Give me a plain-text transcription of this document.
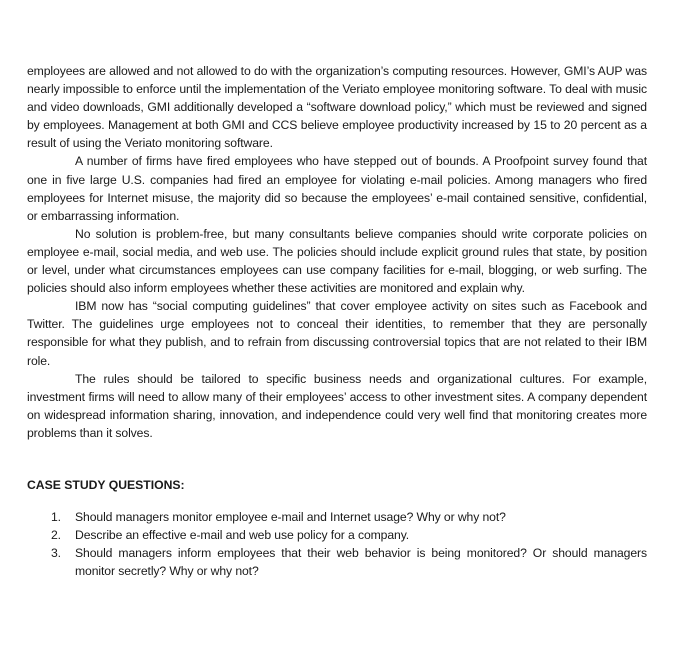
employees are allowed and not allowed to do with the organization’s computing resources. However, GMI’s AUP was nearly impossible to enforce until the implementation of the Veriato employee monitoring software. To deal with music and video downloads, GMI additionally developed a “software download policy,” which must be reviewed and signed by employees. Management at both GMI and CCS believe employee productivity increased by 15 to 20 percent as a result of using the Veriato monitoring software.

A number of firms have fired employees who have stepped out of bounds. A Proofpoint survey found that one in five large U.S. companies had fired an employee for violating e-mail policies. Among managers who fired employees for Internet misuse, the majority did so because the employees’ e-mail contained sensitive, confidential, or embarrassing information.

No solution is problem-free, but many consultants believe companies should write corporate policies on employee e-mail, social media, and web use. The policies should include explicit ground rules that state, by position or level, under what circumstances employees can use company facilities for e-mail, blogging, or web surfing. The policies should also inform employees whether these activities are monitored and explain why.

IBM now has “social computing guidelines” that cover employee activity on sites such as Facebook and Twitter. The guidelines urge employees not to conceal their identities, to remember that they are personally responsible for what they publish, and to refrain from discussing controversial topics that are not related to their IBM role.

The rules should be tailored to specific business needs and organizational cultures. For example, investment firms will need to allow many of their employees’ access to other investment sites. A company dependent on widespread information sharing, innovation, and independence could very well find that monitoring creates more problems than it solves.

CASE STUDY QUESTIONS:
1. Should managers monitor employee e-mail and Internet usage? Why or why not?
2. Describe an effective e-mail and web use policy for a company.
3. Should managers inform employees that their web behavior is being monitored? Or should managers monitor secretly? Why or why not?
